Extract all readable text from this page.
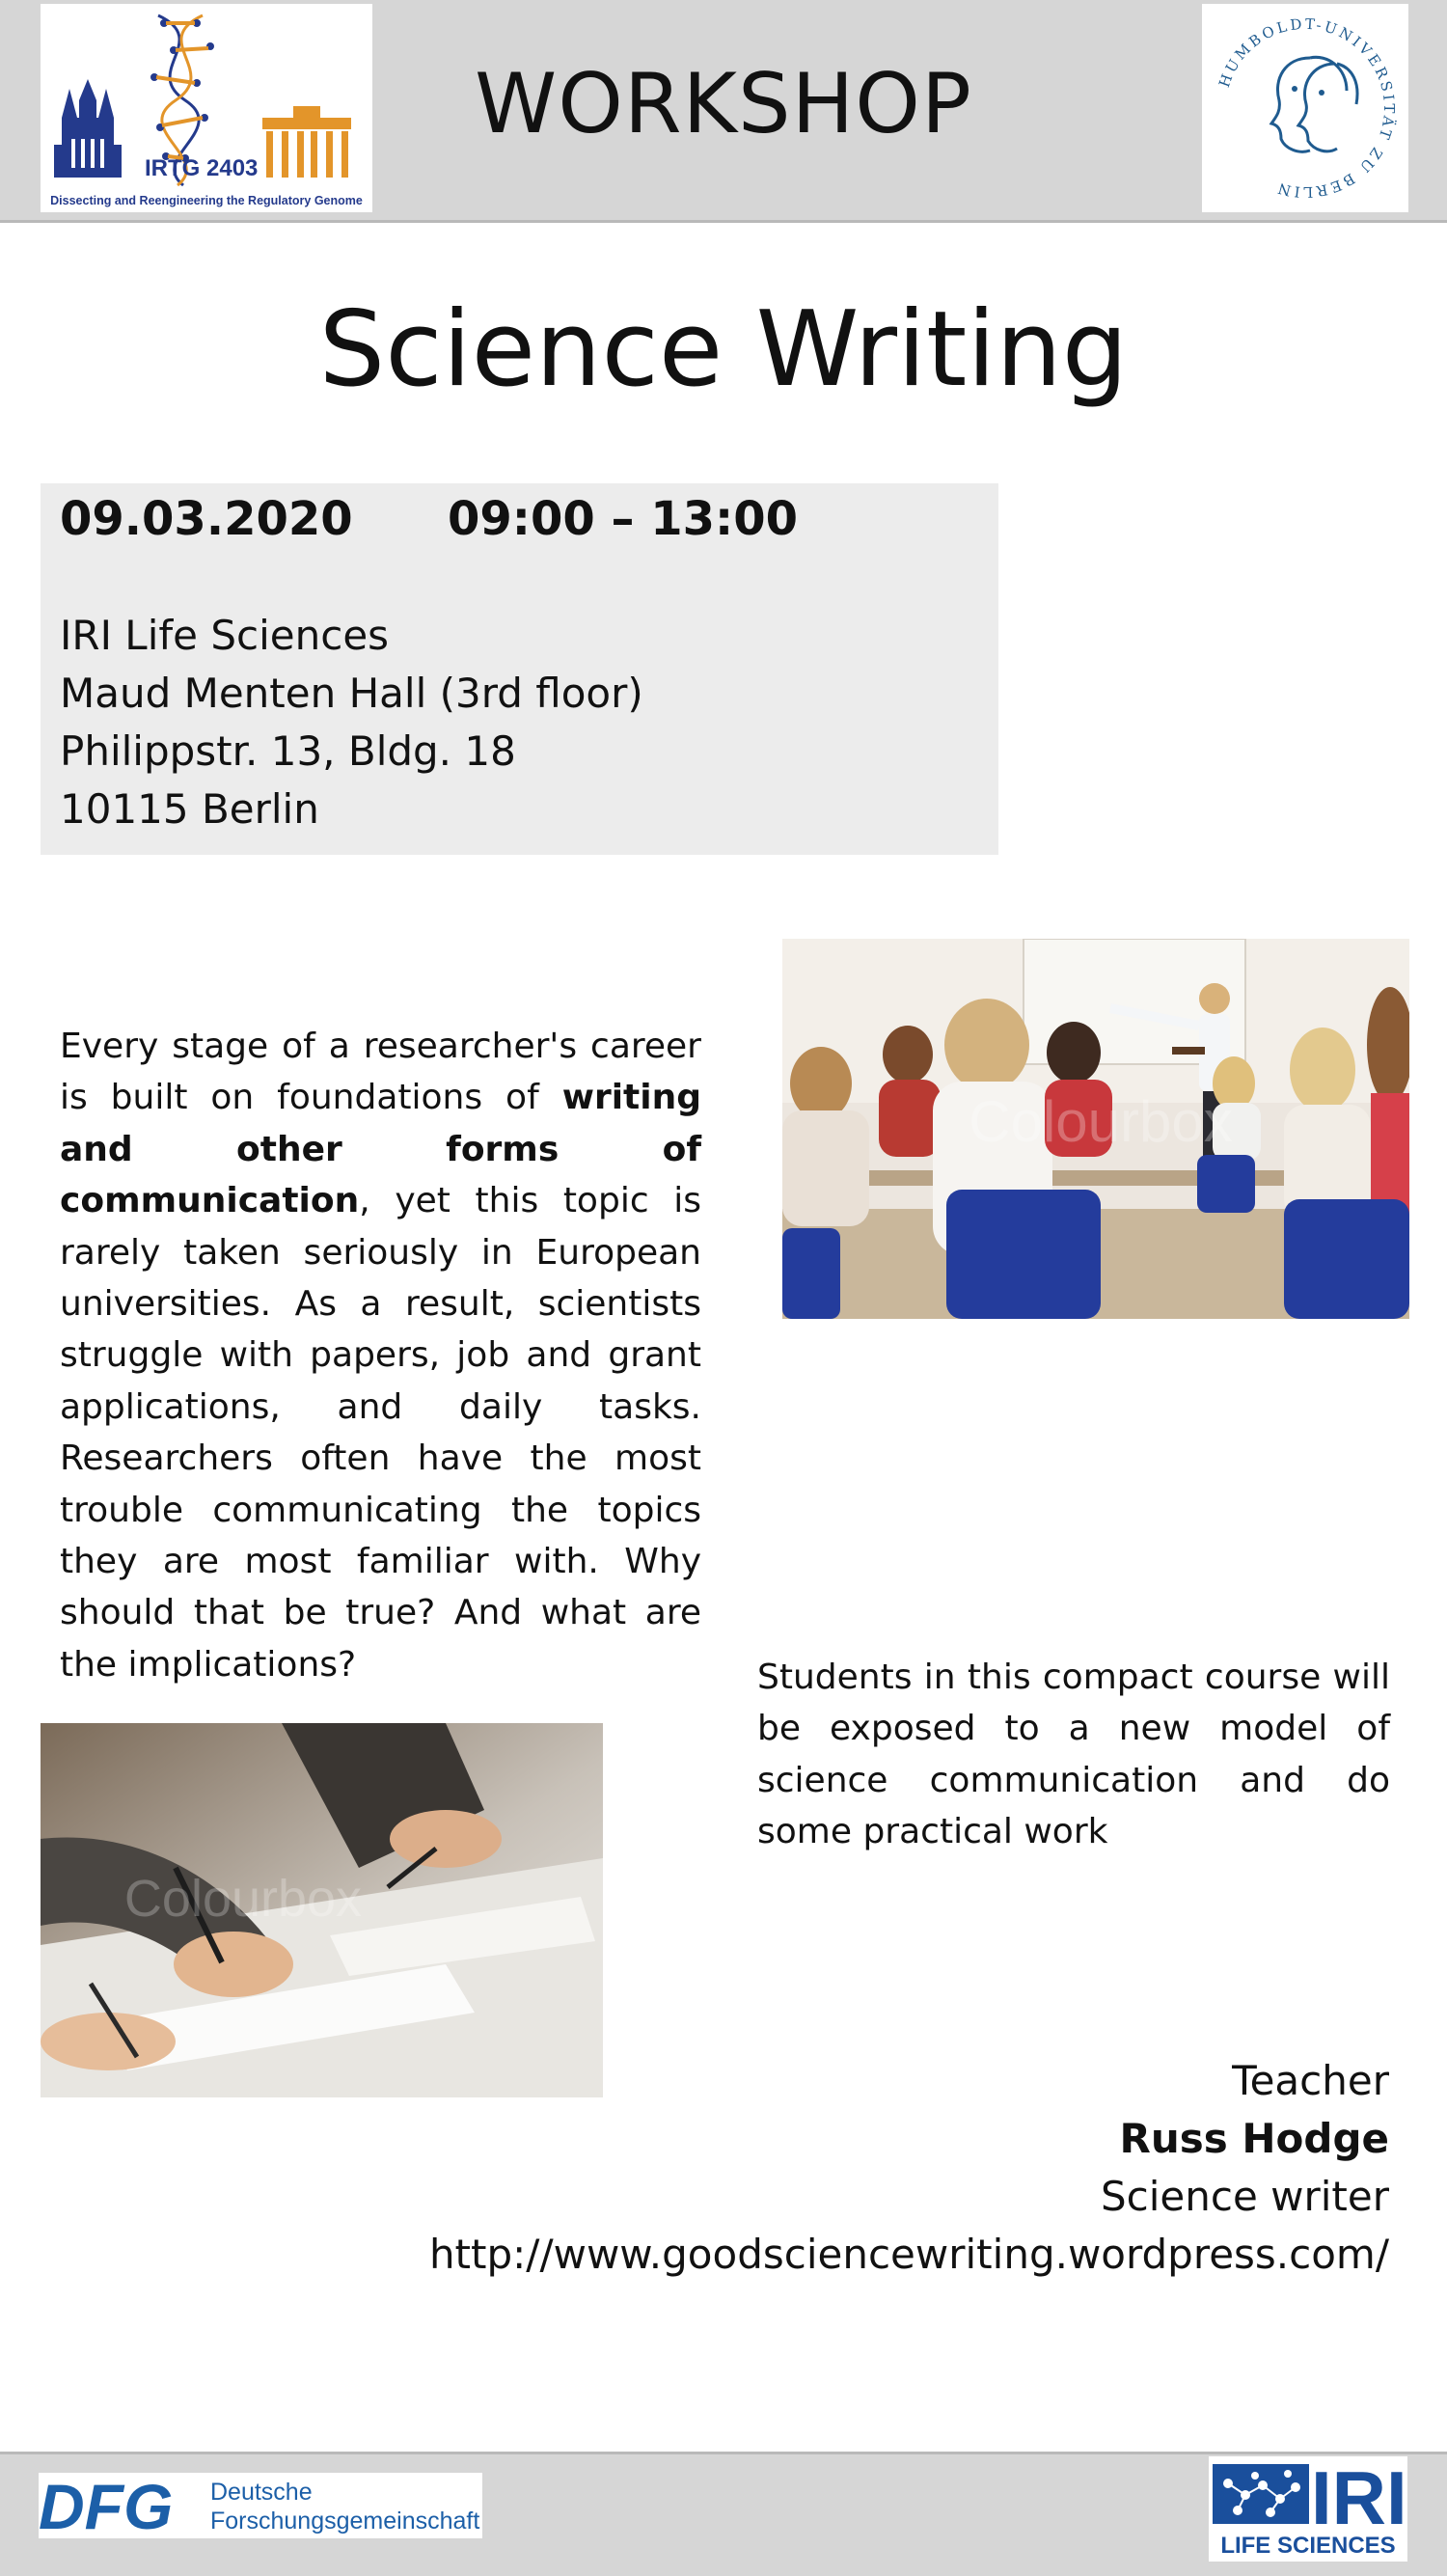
IRTG 2403
Dissecting and Reengineering the Regulatory Genome
WORKSHOP	HUMBOLDT-UNIVERSITÄT ZU BERLIN
Science Writing
09.03.2020 09:00 – 13:00
IRI Life Sciences
Maud Menten Hall (3rd floor)
Philippstr. 13, Bldg. 18
10115 Berlin
Every stage of a researcher's career is built on foundations of writing and other forms of communication, yet this topic is rarely taken seriously in European universities. As a result, scientists struggle with papers, job and grant applications, and daily tasks. Researchers often have the most trouble communicating the topics they are most familiar with. Why should that be true? And what are the implications?
Colourbox
Students in this compact course will be exposed to a new model of science communication and do some practical work
Colourbox
Teacher
Russ Hodge
Science writer
http://www.goodsciencewriting.wordpress.com/
DFG Deutsche
Forschungsgemeinschaft	IRI
LIFE SCIENCES
